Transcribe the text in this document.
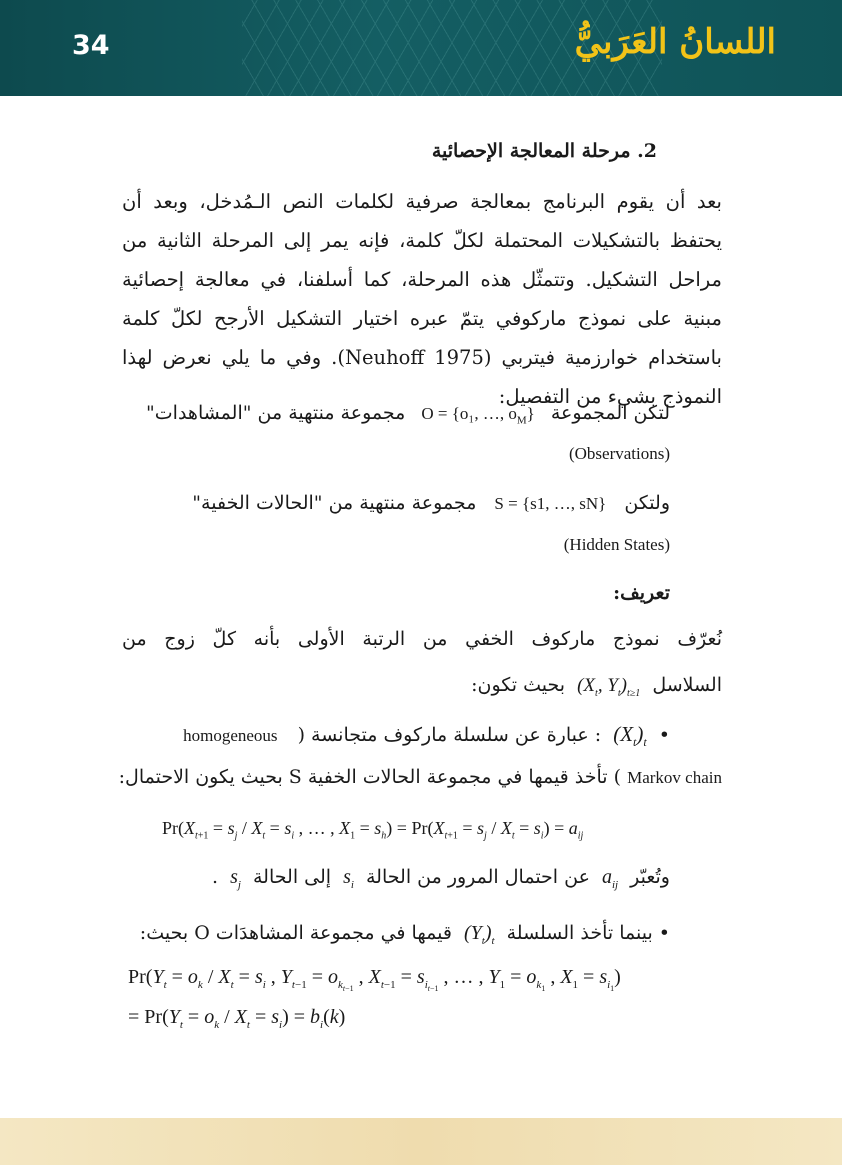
34	اللسانُ العَرَبيُّ
2. مرحلة المعالجة الإحصائية
بعد أن يقوم البرنامج بمعالجة صرفية لكلمات النص الـمُدخل، وبعد أن يحتفظ بالتشكيلات المحتملة لكلّ كلمة، فإنه يمر إلى المرحلة الثانية من مراحل التشكيل. وتتمثّل هذه المرحلة، كما أسلفنا، في معالجة إحصائية مبنية على نموذج ماركوفي يتمّ عبره اختيار التشكيل الأرجح لكلّ كلمة باستخدام خوارزمية فيتربي (Neuhoff 1975). وفي ما يلي نعرض لهذا النموذج بشيء من التفصيل:
لتكن المجموعة O = {o₁, …, $o_M$} مجموعة منتهية من "المشاهدات"
(Observations)
ولتكن S = {s1, …, sN} مجموعة منتهية من "الحالات الخفية"
(Hidden States)
تعريف:
نُعرّف نموذج ماركوف الخفي من الرتبة الأولى بأنه كلّ زوج من
السلاسل ($X_t$, $Y_t)_{t\ge 1}$ بحيث تكون:
• $(X_t)_t$ : عبارة عن سلسلة ماركوف متجانسة ( homogeneous
Markov chain ) تأخذ قيمها في مجموعة الحالات الخفية S بحيث يكون الاحتمال:
$Pr(X_{t+1} = s_j / X_t = s_i$ , … , $X_1 = s_h) = Pr(X_{t+1} = s_j / X_t = s_i) = a_{ij}$
وتُعبّر $a_{ij}$ عن احتمال المرور من الحالة $s_i$ إلى الحالة $s_j$ .
• بينما تأخذ السلسلة $(Y_t)_t$ قيمها في مجموعة المشاهدَات O بحيث:
$Pr(Y_t = o_k / X_t = s_i$ , $Y_{t-1} = o_{k_{t-1}}$ , $X_{t-1} = s_{i_{t-1}}$ , … , $Y_1 = o_{k_1}$ , $X_1 = s_{i_1}$)
= $Pr(Y_t = o_k / X_t = s_i) = b_i(k)$
